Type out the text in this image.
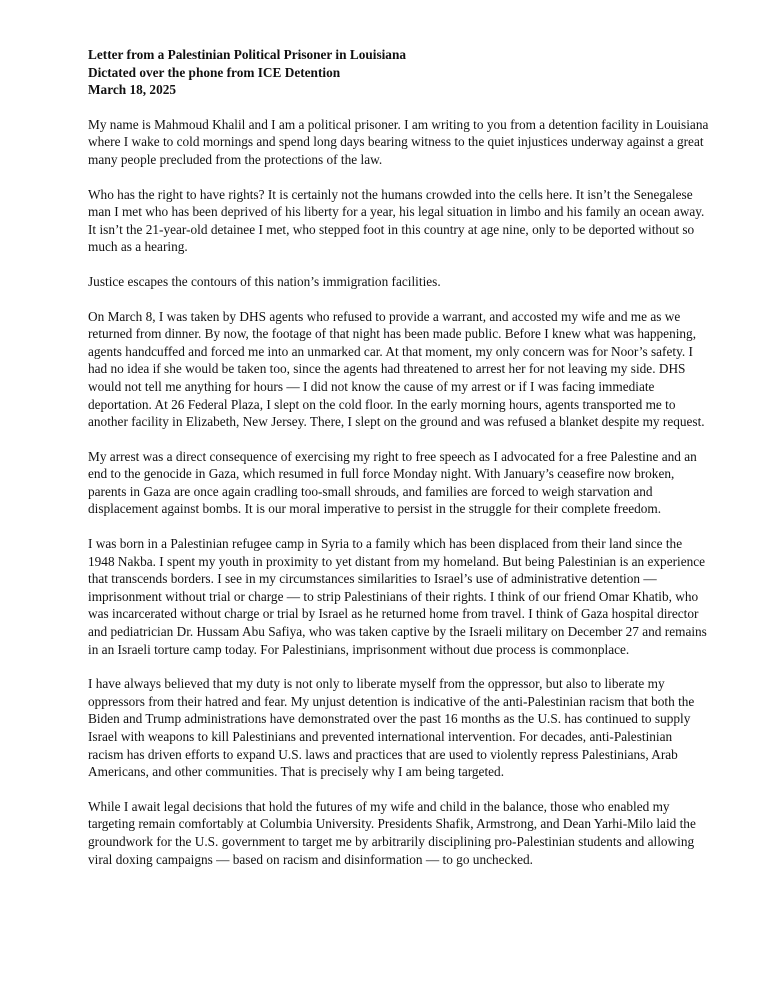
Letter from a Palestinian Political Prisoner in Louisiana
Dictated over the phone from ICE Detention
March 18, 2025

My name is Mahmoud Khalil and I am a political prisoner. I am writing to you from a detention facility in Louisiana where I wake to cold mornings and spend long days bearing witness to the quiet injustices underway against a great many people precluded from the protections of the law.

Who has the right to have rights? It is certainly not the humans crowded into the cells here. It isn’t the Senegalese man I met who has been deprived of his liberty for a year, his legal situation in limbo and his family an ocean away. It isn’t the 21-year-old detainee I met, who stepped foot in this country at age nine, only to be deported without so much as a hearing.

Justice escapes the contours of this nation’s immigration facilities.

On March 8, I was taken by DHS agents who refused to provide a warrant, and accosted my wife and me as we returned from dinner. By now, the footage of that night has been made public. Before I knew what was happening, agents handcuffed and forced me into an unmarked car. At that moment, my only concern was for Noor’s safety. I had no idea if she would be taken too, since the agents had threatened to arrest her for not leaving my side. DHS would not tell me anything for hours — I did not know the cause of my arrest or if I was facing immediate deportation. At 26 Federal Plaza, I slept on the cold floor. In the early morning hours, agents transported me to another facility in Elizabeth, New Jersey. There, I slept on the ground and was refused a blanket despite my request.

My arrest was a direct consequence of exercising my right to free speech as I advocated for a free Palestine and an end to the genocide in Gaza, which resumed in full force Monday night. With January’s ceasefire now broken, parents in Gaza are once again cradling too-small shrouds, and families are forced to weigh starvation and displacement against bombs. It is our moral imperative to persist in the struggle for their complete freedom.

I was born in a Palestinian refugee camp in Syria to a family which has been displaced from their land since the 1948 Nakba. I spent my youth in proximity to yet distant from my homeland. But being Palestinian is an experience that transcends borders. I see in my circumstances similarities to Israel’s use of administrative detention — imprisonment without trial or charge — to strip Palestinians of their rights. I think of our friend Omar Khatib, who was incarcerated without charge or trial by Israel as he returned home from travel. I think of Gaza hospital director and pediatrician Dr. Hussam Abu Safiya, who was taken captive by the Israeli military on December 27 and remains in an Israeli torture camp today. For Palestinians, imprisonment without due process is commonplace.

I have always believed that my duty is not only to liberate myself from the oppressor, but also to liberate my oppressors from their hatred and fear. My unjust detention is indicative of the anti-Palestinian racism that both the Biden and Trump administrations have demonstrated over the past 16 months as the U.S. has continued to supply Israel with weapons to kill Palestinians and prevented international intervention. For decades, anti-Palestinian racism has driven efforts to expand U.S. laws and practices that are used to violently repress Palestinians, Arab Americans, and other communities. That is precisely why I am being targeted.

While I await legal decisions that hold the futures of my wife and child in the balance, those who enabled my targeting remain comfortably at Columbia University. Presidents Shafik, Armstrong, and Dean Yarhi-Milo laid the groundwork for the U.S. government to target me by arbitrarily disciplining pro-Palestinian students and allowing viral doxing campaigns — based on racism and disinformation — to go unchecked.
